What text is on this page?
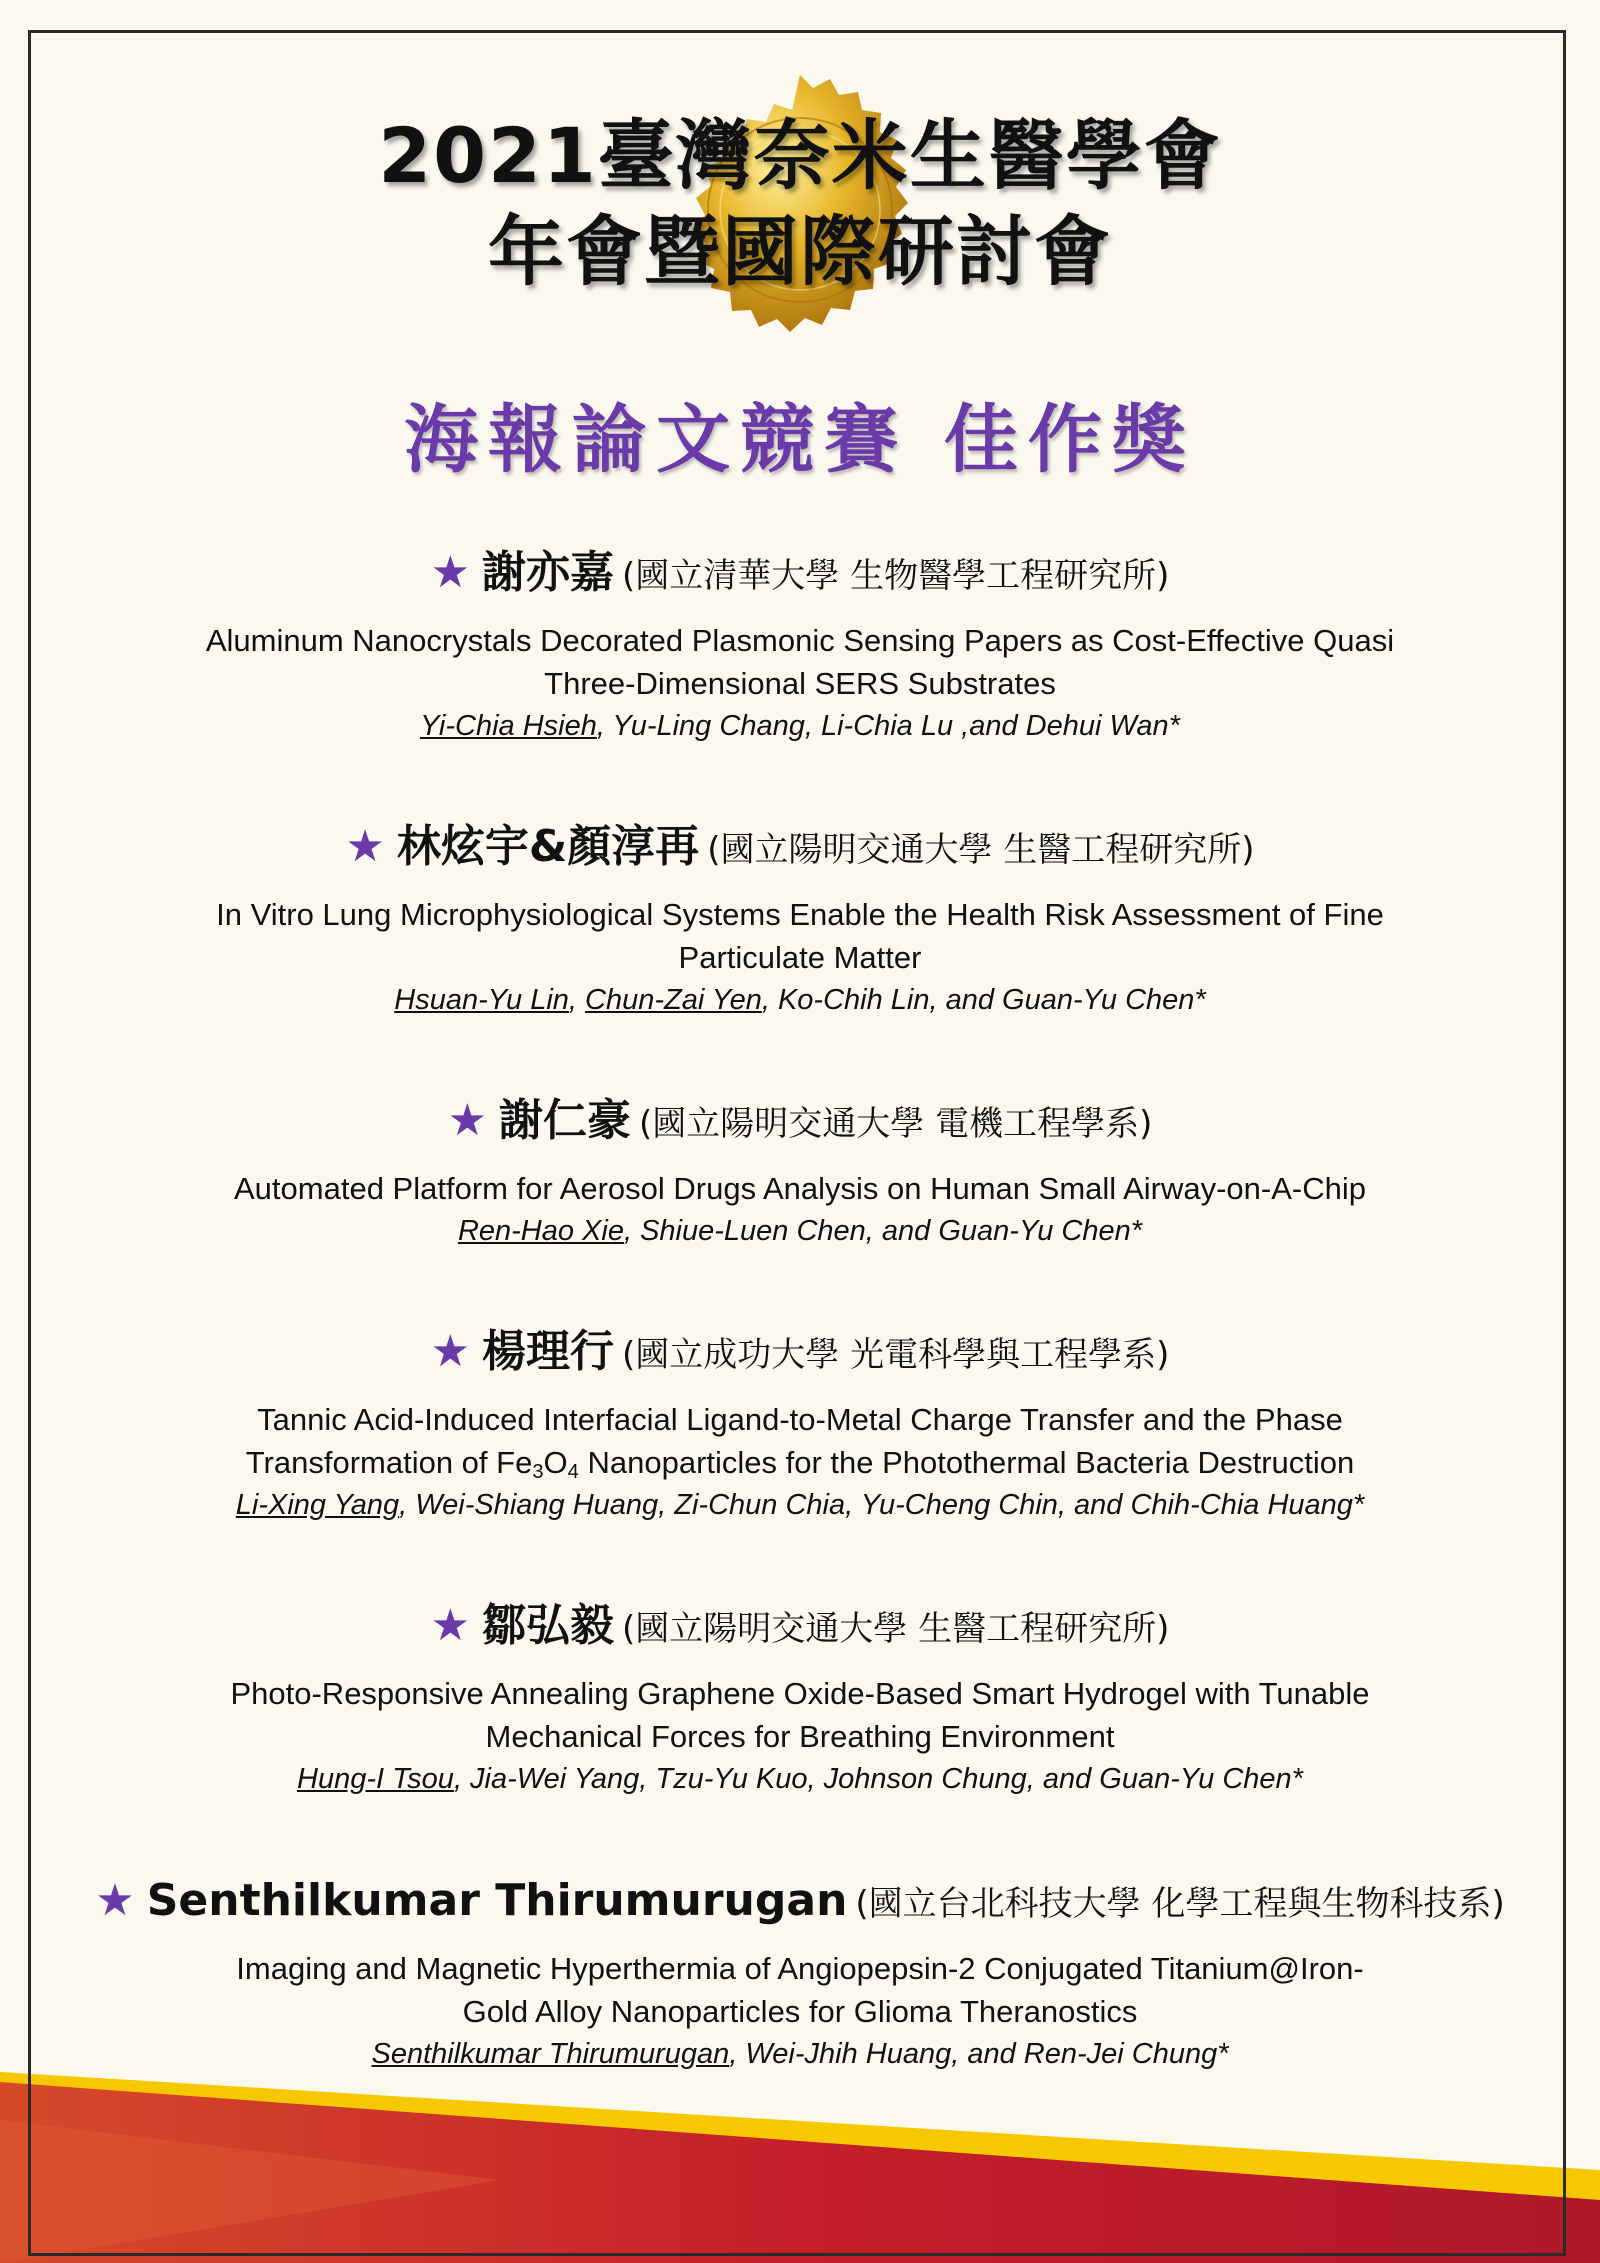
2021臺灣奈米生醫學會
年會暨國際研討會
海報論文競賽 佳作獎
★ 謝亦嘉 (國立清華大學 生物醫學工程研究所)
Aluminum Nanocrystals Decorated Plasmonic Sensing Papers as Cost-Effective Quasi
Three-Dimensional SERS Substrates
Yi-Chia Hsieh, Yu-Ling Chang, Li-Chia Lu ,and Dehui Wan*
★ 林炫宇&顏淳再 (國立陽明交通大學 生醫工程研究所)
In Vitro Lung Microphysiological Systems Enable the Health Risk Assessment of Fine
Particulate Matter
Hsuan-Yu Lin, Chun-Zai Yen, Ko-Chih Lin, and Guan-Yu Chen*
★ 謝仁豪 (國立陽明交通大學 電機工程學系)
Automated Platform for Aerosol Drugs Analysis on Human Small Airway-on-A-Chip
Ren-Hao Xie, Shiue-Luen Chen, and Guan-Yu Chen*
★ 楊理行 (國立成功大學 光電科學與工程學系)
Tannic Acid-Induced Interfacial Ligand-to-Metal Charge Transfer and the Phase
Transformation of $Fe_3O_4$ Nanoparticles for the Photothermal Bacteria Destruction
Li-Xing Yang, Wei-Shiang Huang, Zi-Chun Chia, Yu-Cheng Chin, and Chih-Chia Huang*
★ 鄒弘毅 (國立陽明交通大學 生醫工程研究所)
Photo-Responsive Annealing Graphene Oxide-Based Smart Hydrogel with Tunable
Mechanical Forces for Breathing Environment
Hung-I Tsou, Jia-Wei Yang, Tzu-Yu Kuo, Johnson Chung, and Guan-Yu Chen*
★ Senthilkumar Thirumurugan (國立台北科技大學 化學工程與生物科技系)
Imaging and Magnetic Hyperthermia of Angiopepsin-2 Conjugated Titanium@Iron-
Gold Alloy Nanoparticles for Glioma Theranostics
Senthilkumar Thirumurugan, Wei-Jhih Huang, and Ren-Jei Chung*
